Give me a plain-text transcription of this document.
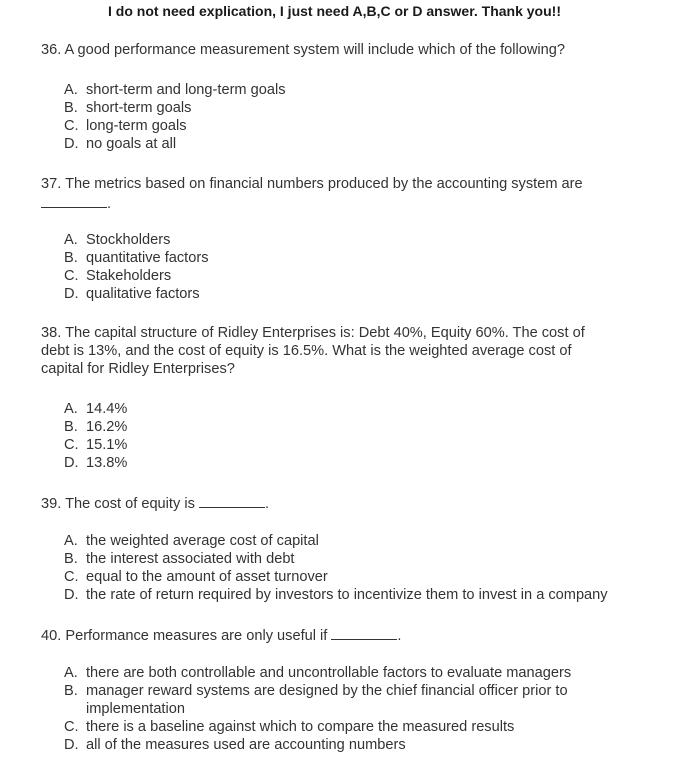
I do not need explication, I just need A,B,C or D answer. Thank you!!

36. A good performance measurement system will include which of the following?

A. short-term and long-term goals
B. short-term goals
C. long-term goals
D. no goals at all

37. The metrics based on financial numbers produced by the accounting system are

.
A. Stockholders
B. quantitative factors
C. Stakeholders
D. qualitative factors

38. The capital structure of Ridley Enterprises is: Debt 40%, Equity 60%. The cost of debt is 13%, and the cost of equity is 16.5%. What is the weighted average cost of capital for Ridley Enterprises?

A. 14.4%
B. 16.2%
C. 15.1%
D. 13.8%

39. The cost of equity is	.

A. the weighted average cost of capital
B. the interest associated with debt
C. equal to the amount of asset turnover
D. the rate of return required by investors to incentivize them to invest in a company

40. Performance measures are only useful if	.

A. there are both controllable and uncontrollable factors to evaluate managers
B. manager reward systems are designed by the chief financial officer prior to implementation
C. there is a baseline against which to compare the measured results
D. all of the measures used are accounting numbers
